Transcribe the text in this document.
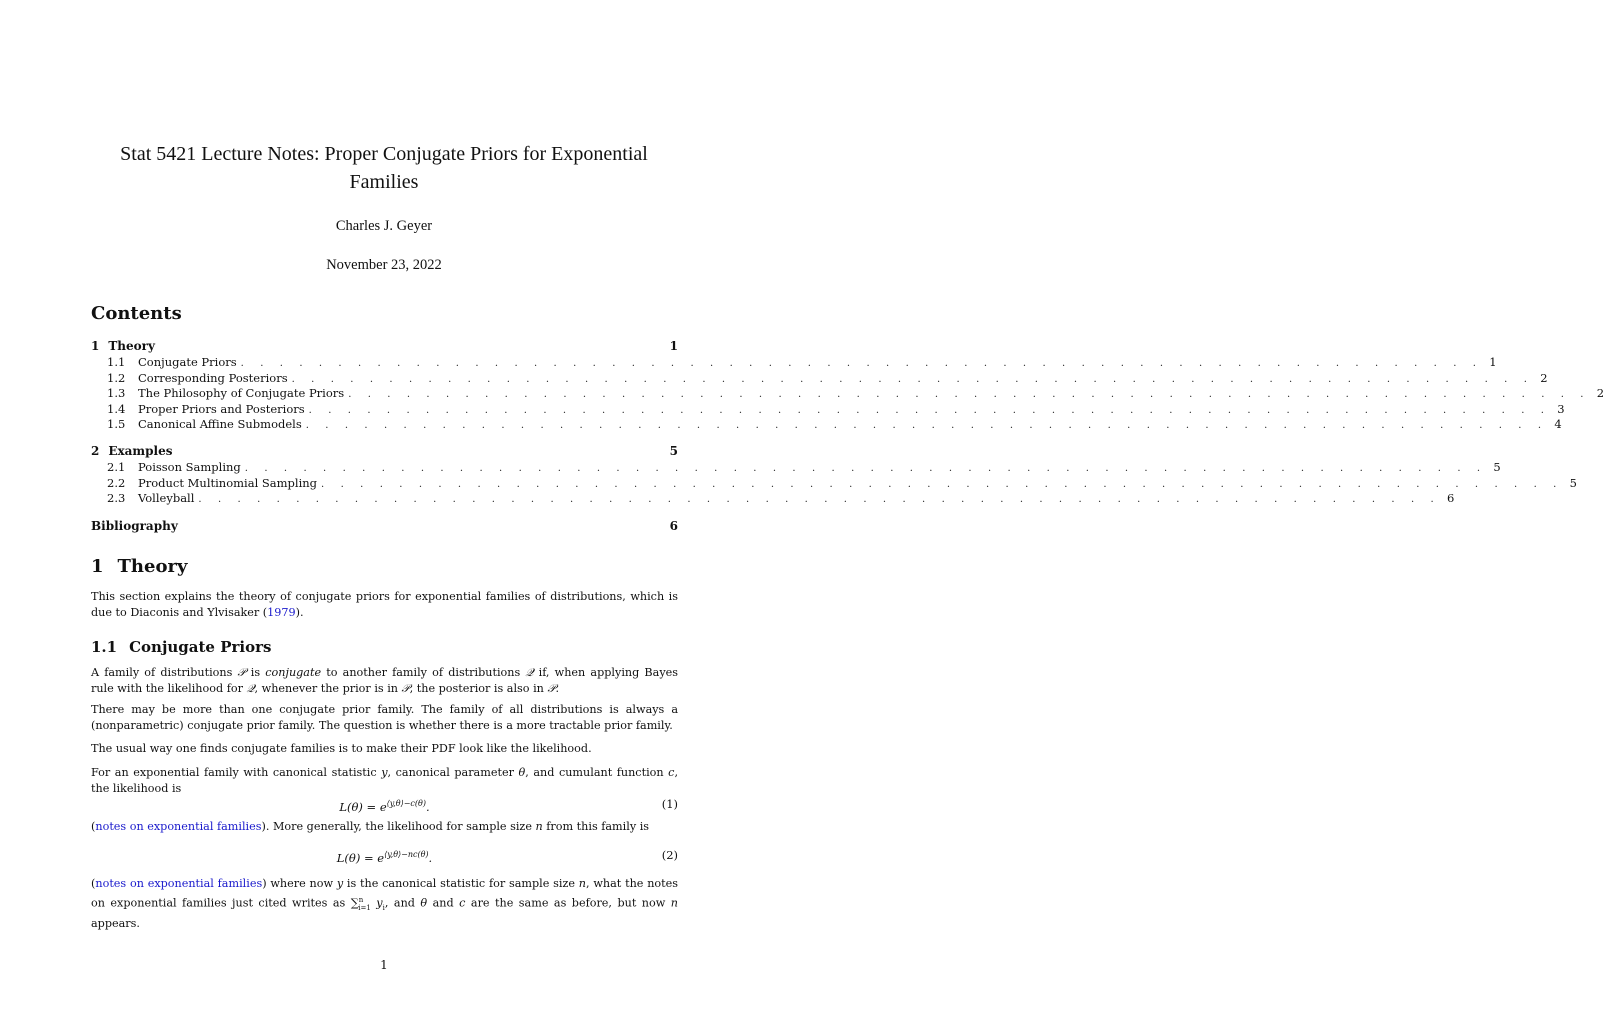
Stat 5421 Lecture Notes: Proper Conjugate Priors for Exponential
Families
Charles J. Geyer
November 23, 2022
Contents
1 Theory	1
1.1	Conjugate Priors . . . . . . . . . . . . . . . . . . . . . . . . . . . . . . . . . . . . . . . . . . . . . . . . . . . . . . . . . . . . . . . . 1
1.2	Corresponding Posteriors . . . . . . . . . . . . . . . . . . . . . . . . . . . . . . . . . . . . . . . . . . . . . . . . . . . . . . . . . . . . . . . . 2
1.3	The Philosophy of Conjugate Priors . . . . . . . . . . . . . . . . . . . . . . . . . . . . . . . . . . . . . . . . . . . . . . . . . . . . . . . . . . . . . . . . 2
1.4	Proper Priors and Posteriors . . . . . . . . . . . . . . . . . . . . . . . . . . . . . . . . . . . . . . . . . . . . . . . . . . . . . . . . . . . . . . . . 3
1.5	Canonical Affine Submodels . . . . . . . . . . . . . . . . . . . . . . . . . . . . . . . . . . . . . . . . . . . . . . . . . . . . . . . . . . . . . . . . 4
2 Examples	5
2.1	Poisson Sampling . . . . . . . . . . . . . . . . . . . . . . . . . . . . . . . . . . . . . . . . . . . . . . . . . . . . . . . . . . . . . . . . 5
2.2	Product Multinomial Sampling . . . . . . . . . . . . . . . . . . . . . . . . . . . . . . . . . . . . . . . . . . . . . . . . . . . . . . . . . . . . . . . . 5
2.3	Volleyball . . . . . . . . . . . . . . . . . . . . . . . . . . . . . . . . . . . . . . . . . . . . . . . . . . . . . . . . . . . . . . . . 6
Bibliography	6
1 Theory

This section explains the theory of conjugate priors for exponential families of distributions, which is due to Diaconis and Ylvisaker (1979).

1.1 Conjugate Priors

A family of distributions 𝒫 is conjugate to another family of distributions 𝒬 if, when applying Bayes rule with the likelihood for 𝒬, whenever the prior is in 𝒫, the posterior is also in 𝒫.

There may be more than one conjugate prior family. The family of all distributions is always a (nonparametric) conjugate prior family. The question is whether there is a more tractable prior family.

The usual way one finds conjugate families is to make their PDF look like the likelihood.

For an exponential family with canonical statistic y, canonical parameter θ, and cumulant function c, the likelihood is

$L(\theta) = e^{⟨y,\theta⟩-c(\theta)}$.	(1)

(notes on exponential families). More generally, the likelihood for sample size n from this family is

$L(\theta) = e^{⟨y,\theta⟩-nc(\theta)}$.	(2)

(notes on exponential families) where now y is the canonical statistic for sample size n, what the notes on exponential families just cited writes as ∑$^n_{i=1}$ $y_i$, and θ and c are the same as before, but now n appears.

1
